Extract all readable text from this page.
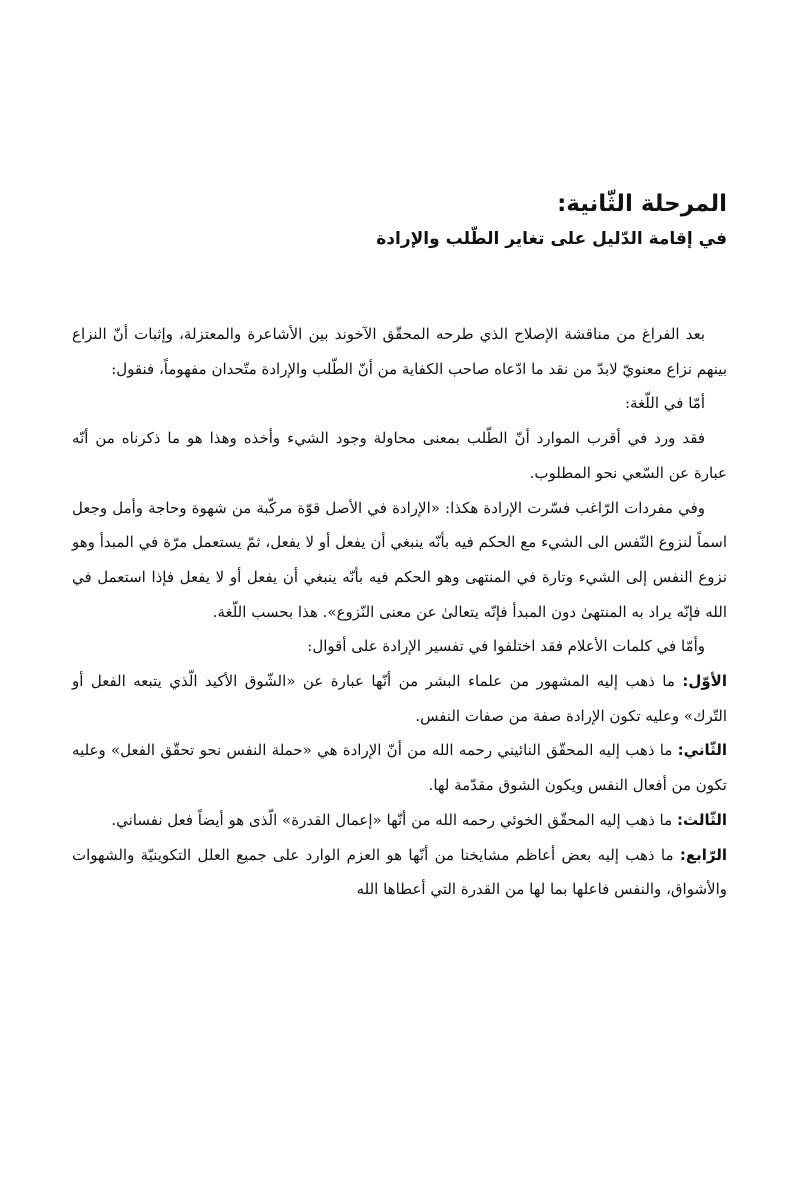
المرحلة الثّانية:
في إقامة الدّليل على تغاير الطّلب والإرادة

بعد الفراغ من مناقشة الإصلاح الذي طرحه المحقّق الآخوند بين الأشاعرة والمعتزلة، وإثبات أنّ النزاع بينهم نزاع معنويّ لابدّ من نقد ما ادّعاه صاحب الكفاية من أنّ الطّلب والإرادة متّحدان مفهوماً، فنقول:

أمّا في اللّغة:

فقد ورد في أقرب الموارد أنّ الطّلب بمعنى محاولة وجود الشيء وأخذه وهذا هو ما ذكرناه من أنّه عبارة عن السّعي نحو المطلوب.

وفي مفردات الرّاغب فسّرت الإرادة هكذا: «الإرادة في الأصل قوّة مركّبة من شهوة وحاجة وأمل وجعل اسماً لنزوع النّفس الى الشيء مع الحكم فيه بأنّه ينبغي أن يفعل أو لا يفعل، ثمّ يستعمل مرّة في المبدأ وهو نزوع النفس إلى الشيء وتارة في المنتهى وهو الحكم فيه بأنّه ينبغي أن يفعل أو لا يفعل فإذا استعمل في الله فإنّه يراد به المنتهىٰ دون المبدأ فإنّه يتعالىٰ عن معنى النّزوع». هذا بحسب اللّغة.

وأمّا في كلمات الأعلام فقد اختلفوا في تفسير الإرادة على أقوال:

الأوّل: ما ذهب إليه المشهور من علماء البشر من أنّها عبارة عن «الشّوق الأكيد الّذي يتبعه الفعل أو التّرك» وعليه تكون الإرادة صفة من صفات النفس.

الثّاني: ما ذهب إليه المحقّق النائيني رحمه الله من أنّ الإرادة هي «حملة النفس نحو تحقّق الفعل» وعليه تكون من أفعال النفس ويكون الشوق مقدّمة لها.

الثّالث: ما ذهب إليه المحقّق الخوئي رحمه الله من أنّها «إعمال القدرة» الّذى هو أيضاً فعل نفساني.

الرّابع: ما ذهب إليه بعض أعاظم مشايخنا من أنّها هو العزم الوارد على جميع العلل التكوينيّة والشهوات والأشواق، والنفس فاعلها بما لها من القدرة التي أعطاها الله
